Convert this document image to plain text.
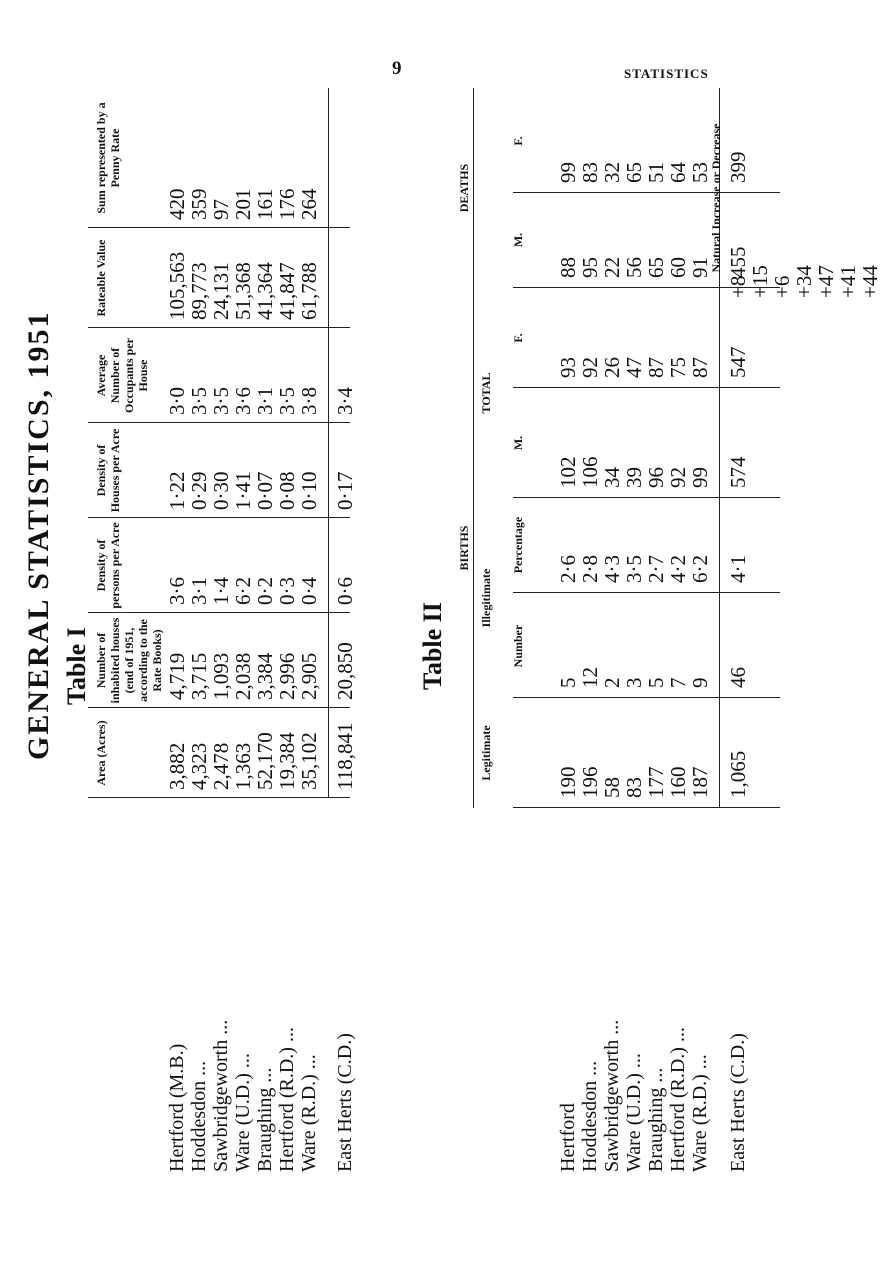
9	STATISTICS
GENERAL STATISTICS, 1951 Table I	Table II
Area (Acres)
Number of inhabited houses (end of 1951, according to the Rate Books)
Density of persons per Acre
Density of Houses per Acre
Average Number of Occupants per House
Rateable Value
Sum represented by a Penny Rate
Hertford (M.B.)
3,882
4,719
3·6
1·22
3·0
105,563
420
Hoddesdon ...
4,323
3,715
3·1
0·29
3·5
89,773
359
Sawbridgeworth ...
2,478
1,093
1·4
0·30
3·5
24,131
97
Ware (U.D.) ...
1,363
2,038
6·2
1·41
3·6
51,368
201
Braughing ...
52,170
3,384
0·2
0·07
3·1
41,364
161
Hertford (R.D.) ...
19,384
2,996
0·3
0·08
3·5
41,847
176
Ware (R.D.) ...
35,102
2,905
0·4
0·10
3·8
61,788
264
East Herts (C.D.)
118,841
20,850
0·6
0·17
3·4
BIRTHS
DEATHS
Legitimate
Illegitimate
TOTAL
Number
Percentage
M.
F.
M.
F.
Hertford
190
5
2·6
102
93
88
99
Hoddesdon ...
196
12
2·8
106
92
95
83
Sawbridgeworth ...
58
2
4·3
34
26
22
32
Ware (U.D.) ...
83
3
3·5
39
47
56
65
Braughing ...
177
5
2·7
96
87
65
51
Hertford (R.D.) ...
160
7
4·2
92
75
60
64
Ware (R.D.) ...
187
9
6·2
99
87
91
53
East Herts (C.D.)
1,065
46
4·1
574
547
455
399
Natural Increase or Decrease
+8
+15
+6
+34
+47
+41
+44
